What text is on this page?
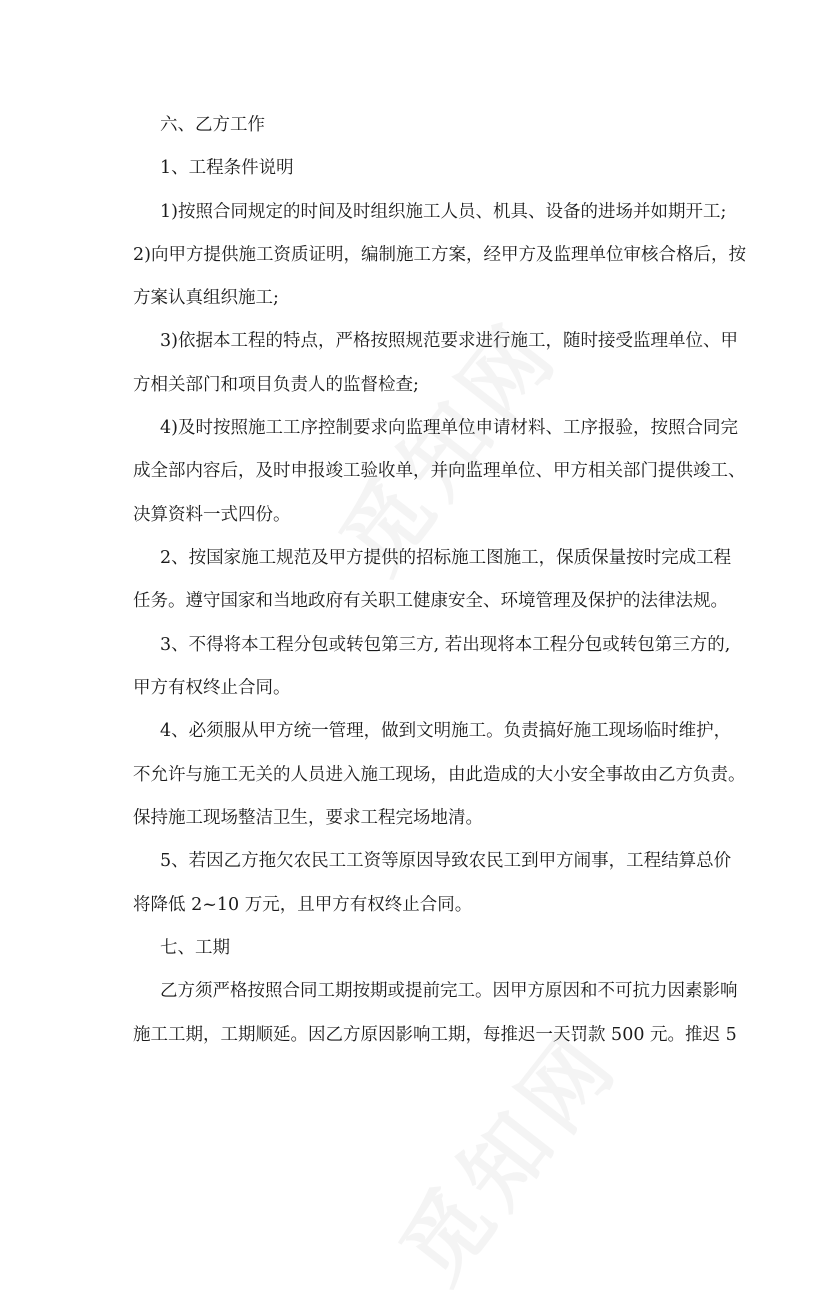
六、乙方工作
1、工程条件说明
1)按照合同规定的时间及时组织施工人员、机具、设备的进场并如期开工;
2)向甲方提供施工资质证明，编制施工方案，经甲方及监理单位审核合格后，按
方案认真组织施工;
3)依据本工程的特点，严格按照规范要求进行施工，随时接受监理单位、甲
方相关部门和项目负责人的监督检查;
4)及时按照施工工序控制要求向监理单位申请材料、工序报验，按照合同完
成全部内容后，及时申报竣工验收单，并向监理单位、甲方相关部门提供竣工、
决算资料一式四份。
2、按国家施工规范及甲方提供的招标施工图施工，保质保量按时完成工程
任务。遵守国家和当地政府有关职工健康安全、环境管理及保护的法律法规。
3、不得将本工程分包或转包第三方, 若出现将本工程分包或转包第三方的,
甲方有权终止合同。
4、必须服从甲方统一管理，做到文明施工。负责搞好施工现场临时维护，
不允许与施工无关的人员进入施工现场，由此造成的大小安全事故由乙方负责。
保持施工现场整洁卫生，要求工程完场地清。
5、若因乙方拖欠农民工工资等原因导致农民工到甲方闹事，工程结算总价
将降低 2~10 万元，且甲方有权终止合同。
七、工期
乙方须严格按照合同工期按期或提前完工。因甲方原因和不可抗力因素影响
施工工期，工期顺延。因乙方原因影响工期，每推迟一天罚款 500 元。推迟 5
